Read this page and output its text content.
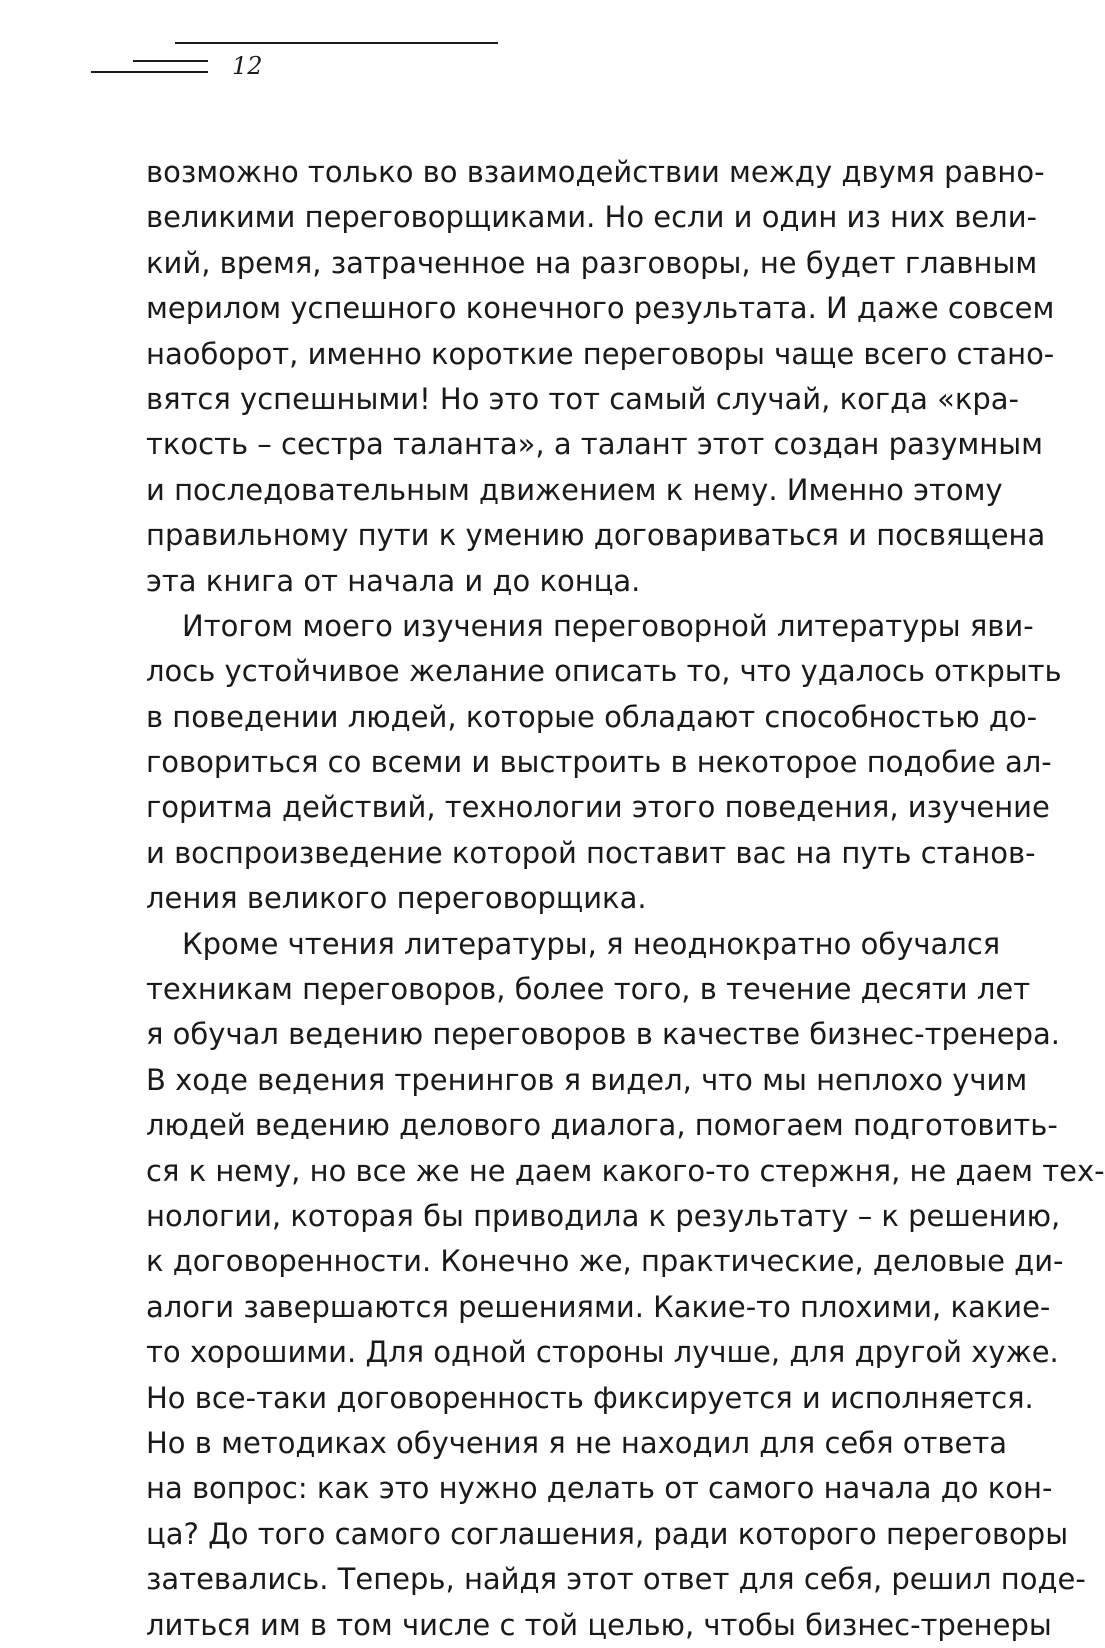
12
возможно только во взаимодействии между двумя равно-
великими переговорщиками. Но если и один из них вели-
кий, время, затраченное на разговоры, не будет главным
мерилом успешного конечного результата. И даже совсем
наоборот, именно короткие переговоры чаще всего стано-
вятся успешными! Но это тот самый случай, когда «кра-
ткость – сестра таланта», а талант этот создан разумным
и последовательным движением к нему. Именно этому
правильному пути к умению договариваться и посвящена
эта книга от начала и до конца.
Итогом моего изучения переговорной литературы яви-
лось устойчивое желание описать то, что удалось открыть
в поведении людей, которые обладают способностью до-
говориться со всеми и выстроить в некоторое подобие ал-
горитма действий, технологии этого поведения, изучение
и воспроизведение которой поставит вас на путь станов-
ления великого переговорщика.
Кроме чтения литературы, я неоднократно обучался
техникам переговоров, более того, в течение десяти лет
я обучал ведению переговоров в качестве бизнес-тренера.
В ходе ведения тренингов я видел, что мы неплохо учим
людей ведению делового диалога, помогаем подготовить-
ся к нему, но все же не даем какого-то стержня, не даем тех-
нологии, которая бы приводила к результату – к решению,
к договоренности. Конечно же, практические, деловые ди-
алоги завершаются решениями. Какие-то плохими, какие-
то хорошими. Для одной стороны лучше, для другой хуже.
Но все-таки договоренность фиксируется и исполняется.
Но в методиках обучения я не находил для себя ответа
на вопрос: как это нужно делать от самого начала до кон-
ца? До того самого соглашения, ради которого переговоры
затевались. Теперь, найдя этот ответ для себя, решил поде-
литься им в том числе с той целью, чтобы бизнес-тренеры
